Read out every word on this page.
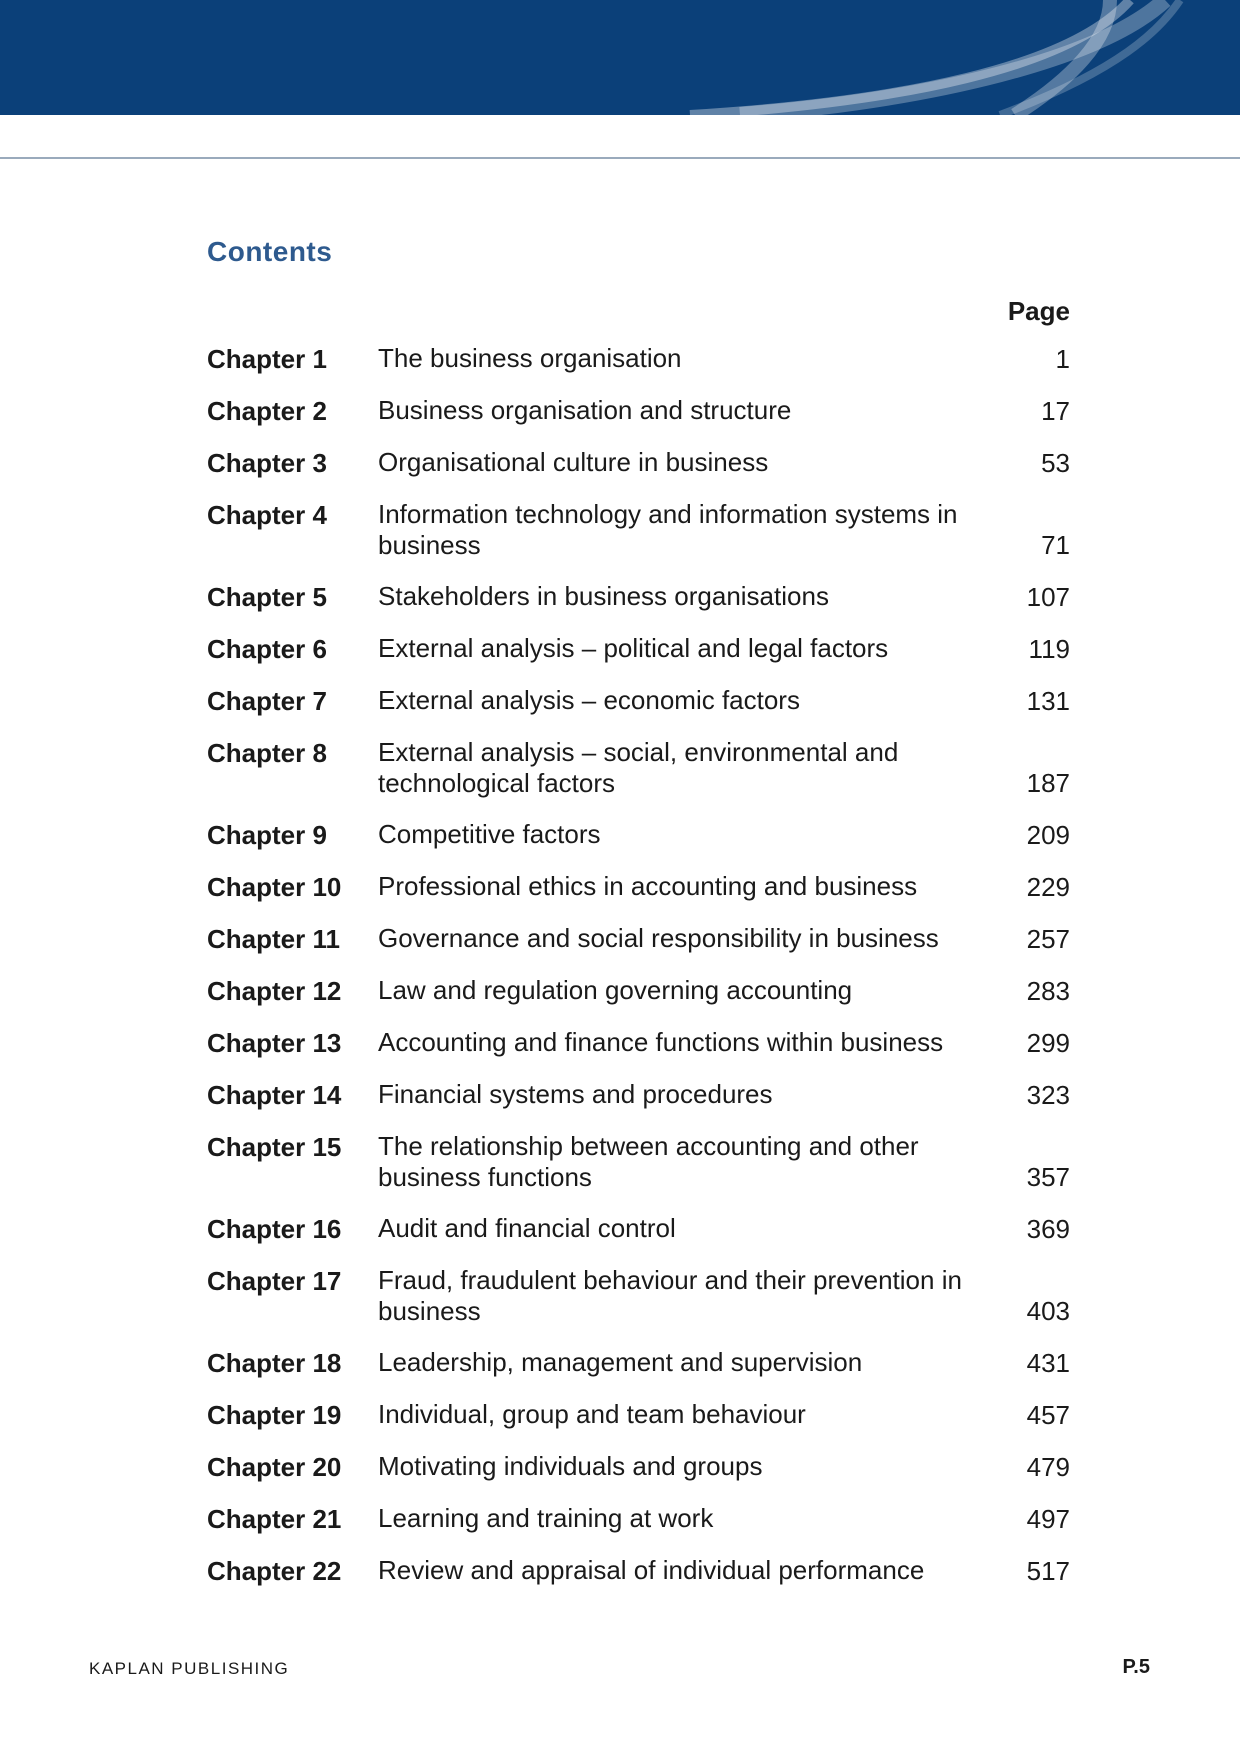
Contents
Page
Chapter 1	The business organisation	1
Chapter 2	Business organisation and structure	17
Chapter 3	Organisational culture in business	53
Chapter 4	Information technology and information systems in business	71
Chapter 5	Stakeholders in business organisations	107
Chapter 6	External analysis – political and legal factors	119
Chapter 7	External analysis – economic factors	131
Chapter 8	External analysis – social, environmental and technological factors	187
Chapter 9	Competitive factors	209
Chapter 10	Professional ethics in accounting and business	229
Chapter 11	Governance and social responsibility in business	257
Chapter 12	Law and regulation governing accounting	283
Chapter 13	Accounting and finance functions within business	299
Chapter 14	Financial systems and procedures	323
Chapter 15	The relationship between accounting and other business functions	357
Chapter 16	Audit and financial control	369
Chapter 17	Fraud, fraudulent behaviour and their prevention in business	403
Chapter 18	Leadership, management and supervision	431
Chapter 19	Individual, group and team behaviour	457
Chapter 20	Motivating individuals and groups	479
Chapter 21	Learning and training at work	497
Chapter 22	Review and appraisal of individual performance	517
KAPLAN PUBLISHING	P.5
